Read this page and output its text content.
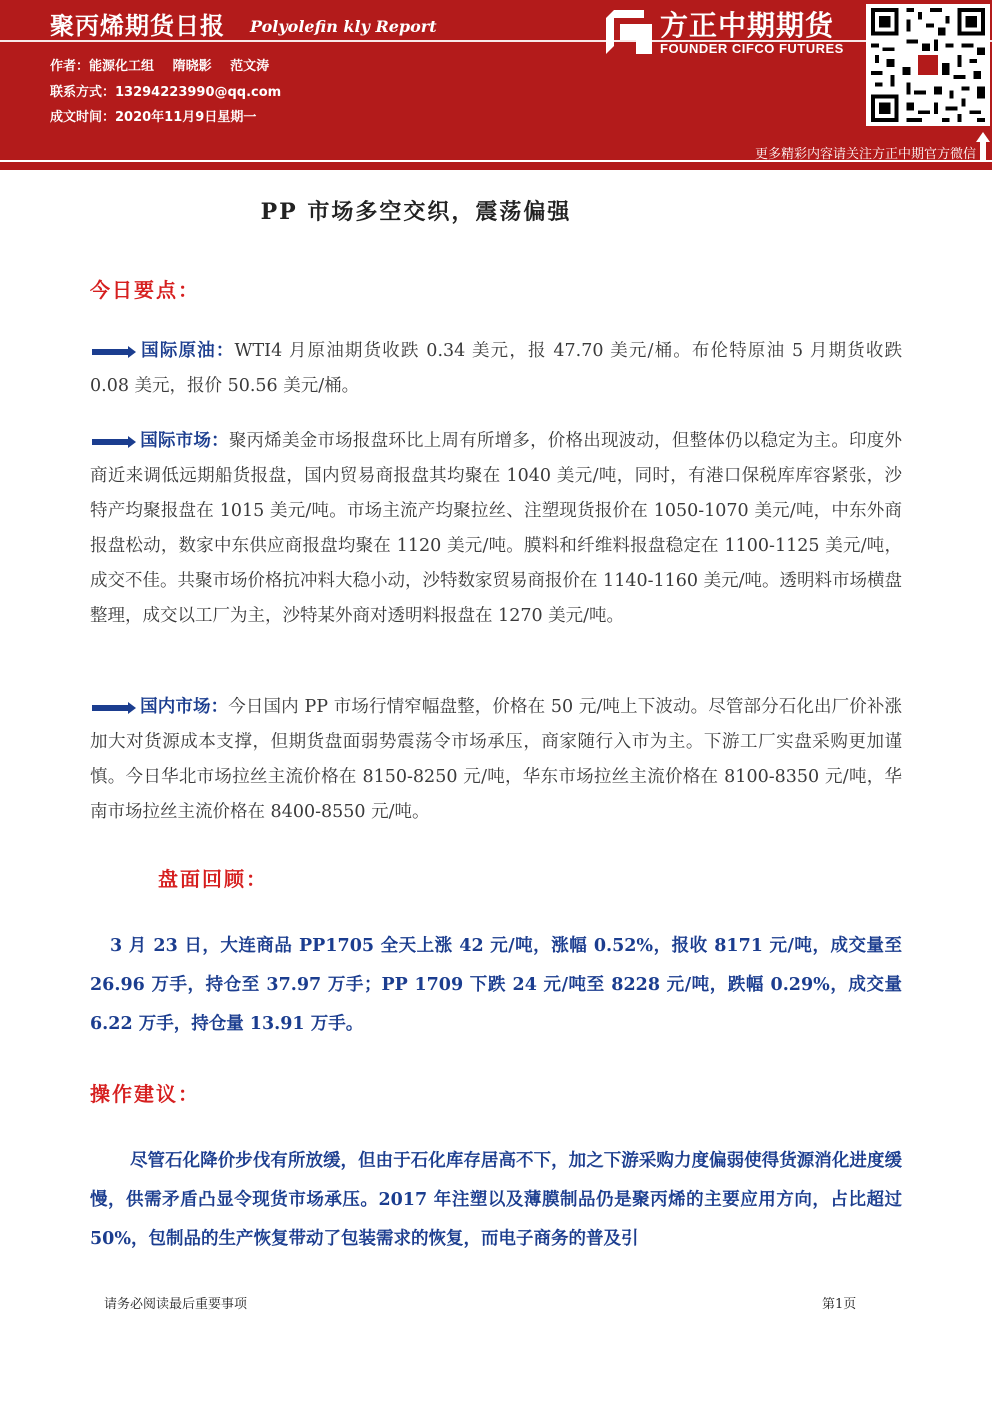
聚丙烯期货日报 Polyolefin kly Report
作者：能源化工组 隋晓影 范文涛
联系方式：13294223990@qq.com
成文时间：2020年11月9日星期一
方正中期期货
FOUNDER CIFCO FUTURES
更多精彩内容请关注方正中期官方微信
PP 市场多空交织，震荡偏强
今日要点：
国际原油：WTI4 月原油期货收跌 0.34 美元，报 47.70 美元/桶。布伦特原油 5 月期货收跌 0.08 美元，报价 50.56 美元/桶。
国际市场：聚丙烯美金市场报盘环比上周有所增多，价格出现波动，但整体仍以稳定为主。印度外商近来调低远期船货报盘，国内贸易商报盘其均聚在 1040 美元/吨，同时，有港口保税库库容紧张，沙特产均聚报盘在 1015 美元/吨。市场主流产均聚拉丝、注塑现货报价在 1050-1070 美元/吨，中东外商报盘松动，数家中东供应商报盘均聚在 1120 美元/吨。膜料和纤维料报盘稳定在 1100-1125 美元/吨，成交不佳。共聚市场价格抗冲料大稳小动，沙特数家贸易商报价在 1140-1160 美元/吨。透明料市场横盘整理，成交以工厂为主，沙特某外商对透明料报盘在 1270 美元/吨。
国内市场：今日国内 PP 市场行情窄幅盘整，价格在 50 元/吨上下波动。尽管部分石化出厂价补涨加大对货源成本支撑，但期货盘面弱势震荡令市场承压，商家随行入市为主。下游工厂实盘采购更加谨慎。今日华北市场拉丝主流价格在 8150-8250 元/吨，华东市场拉丝主流价格在 8100-8350 元/吨，华南市场拉丝主流价格在 8400-8550 元/吨。
盘面回顾：
3 月 23 日，大连商品 PP1705 全天上涨 42 元/吨，涨幅 0.52%，报收 8171 元/吨，成交量至 26.96 万手，持仓至 37.97 万手；PP 1709 下跌 24 元/吨至 8228 元/吨，跌幅 0.29%，成交量 6.22 万手，持仓量 13.91 万手。
操作建议：
尽管石化降价步伐有所放缓，但由于石化库存居高不下，加之下游采购力度偏弱使得货源消化进度缓慢，供需矛盾凸显令现货市场承压。2017 年注塑以及薄膜制品仍是聚丙烯的主要应用方向，占比超过 50%，包制品的生产恢复带动了包装需求的恢复，而电子商务的普及引
请务必阅读最后重要事项	第1页
